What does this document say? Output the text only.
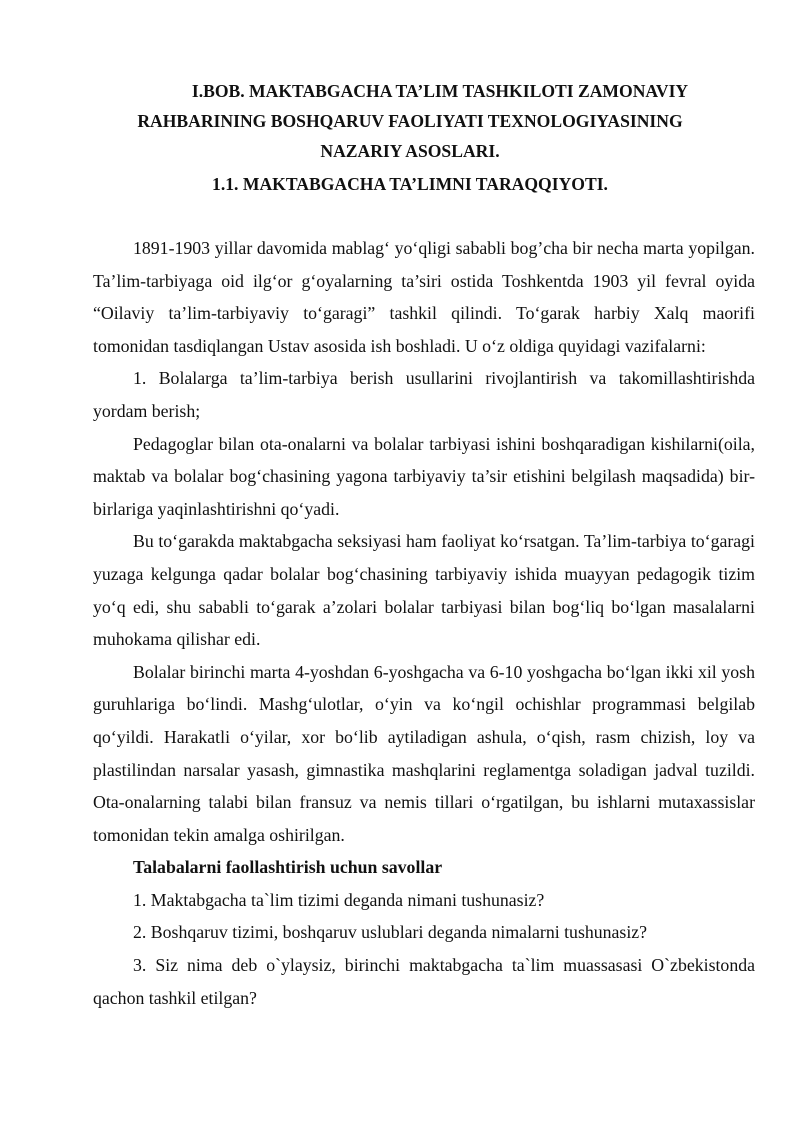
I.BOB. MAKTABGACHA TA’LIM TASHKILOTI ZAMONAVIY
RAHBARINING BOSHQARUV FAOLIYATI TEXNOLOGIYASINING
NAZARIY ASOSLARI.
1.1. MAKTABGACHA TA’LIMNI TARAQQIYOTI.

1891-1903 yillar davomida mablag‘ yo‘qligi sababli bog’cha bir necha marta yopilgan. Ta’lim-tarbiyaga oid ilg‘or g‘oyalarning ta’siri ostida Toshkentda 1903 yil fevral oyida “Oilaviy ta’lim-tarbiyaviy to‘garagi” tashkil qilindi. To‘garak harbiy Xalq maorifi tomonidan tasdiqlangan Ustav asosida ish boshladi. U o‘z oldiga quyidagi vazifalarni:

1. Bolalarga ta’lim-tarbiya berish usullarini rivojlantirish va takomillashtirishda yordam berish;

Pedagoglar bilan ota-onalarni va bolalar tarbiyasi ishini boshqaradigan kishilarni(oila, maktab va bolalar bog‘chasining yagona tarbiyaviy ta’sir etishini belgilash maqsadida) bir-birlariga yaqinlashtirishni qo‘yadi.

Bu to‘garakda maktabgacha seksiyasi ham faoliyat ko‘rsatgan. Ta’lim-tarbiya to‘garagi yuzaga kelgunga qadar bolalar bog‘chasining tarbiyaviy ishida muayyan pedagogik tizim yo‘q edi, shu sababli to‘garak a’zolari bolalar tarbiyasi bilan bog‘liq bo‘lgan masalalarni muhokama qilishar edi.

Bolalar birinchi marta 4-yoshdan 6-yoshgacha va 6-10 yoshgacha bo‘lgan ikki xil yosh guruhlariga bo‘lindi. Mashg‘ulotlar, o‘yin va ko‘ngil ochishlar programmasi belgilab qo‘yildi. Harakatli o‘yilar, xor bo‘lib aytiladigan ashula, o‘qish, rasm chizish, loy va plastilindan narsalar yasash, gimnastika mashqlarini reglamentga soladigan jadval tuzildi. Ota-onalarning talabi bilan fransuz va nemis tillari o‘rgatilgan, bu ishlarni mutaxassislar tomonidan tekin amalga oshirilgan.

Talabalarni faollashtirish uchun savollar

1. Maktabgacha ta`lim tizimi deganda nimani tushunasiz?

2. Boshqaruv tizimi, boshqaruv uslublari deganda nimalarni tushunasiz?

3. Siz nima deb o`ylaysiz, birinchi maktabgacha ta`lim muassasasi O`zbekistonda qachon tashkil etilgan?
